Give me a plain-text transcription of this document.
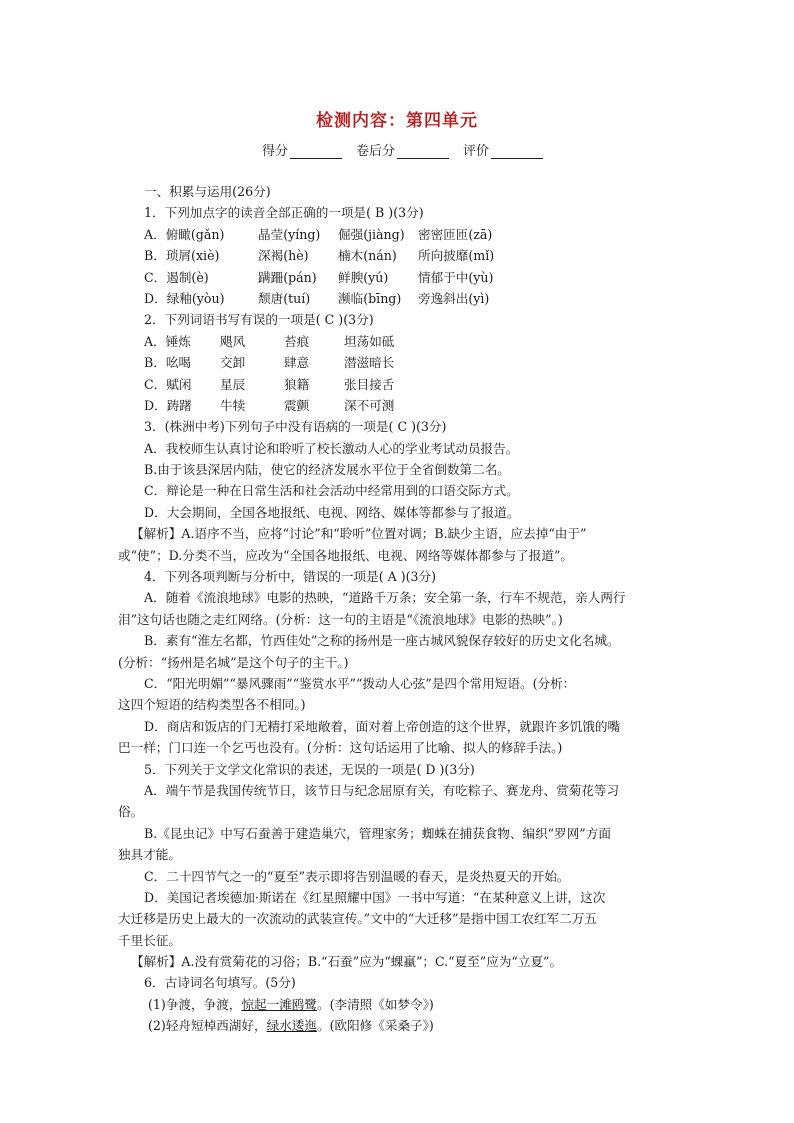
检测内容：第四单元
得分	卷后分	评价
一、积累与运用(26分)
1．下列加点字的读音全部正确的一项是( B )(3分)
A．俯瞰(gǎn)	晶莹(yíng)	倔强(jiàng)	密密匝匝(zā)
B．琐屑(xiè)	深褐(hè)	楠木(nán)	所向披靡(mǐ)
C．遏制(è)	蹒跚(pán)	鲜腴(yú)	情郁于中(yù)
D．绿釉(yòu)	颓唐(tuí)	濒临(bīng)	旁逸斜出(yì)
2．下列词语书写有误的一项是( C )(3分)
A．锤炼	飓风	苔痕	坦荡如砥
B．吆喝	交卸	肆意	潜滋暗长
C．赋闲	星辰	狼籍	张目接舌
D．踌躇	牛犊	震颤	深不可测
3．(株洲中考)下列句子中没有语病的一项是( C )(3分)
A．我校师生认真讨论和聆听了校长激动人心的学业考试动员报告。
B.由于该县深居内陆，使它的经济发展水平位于全省倒数第二名。
C．辩论是一种在日常生活和社会活动中经常用到的口语交际方式。
D．大会期间，全国各地报纸、电视、网络、媒体等都参与了报道。
【解析】A.语序不当，应将“讨论”和“聆听”位置对调；B.缺少主语，应去掉“由于”
或“使”；D.分类不当，应改为“全国各地报纸、电视、网络等媒体都参与了报道”。
4．下列各项判断与分析中，错误的一项是( A )(3分)
A．随着《流浪地球》电影的热映，“道路千万条；安全第一条，行车不规范，亲人两行
泪”这句话也随之走红网络。(分析：这一句的主语是“《流浪地球》电影的热映”。)
B．素有“淮左名都，竹西佳处”之称的扬州是一座古城风貌保存较好的历史文化名城。
(分析：“扬州是名城”是这个句子的主干。)
C．“阳光明媚”“暴风骤雨”“鉴赏水平”“拨动人心弦”是四个常用短语。(分析：
这四个短语的结构类型各不相同。)
D．商店和饭店的门无精打采地敞着，面对着上帝创造的这个世界，就跟许多饥饿的嘴
巴一样；门口连一个乞丐也没有。(分析：这句话运用了比喻、拟人的修辞手法。)
5．下列关于文学文化常识的表述，无误的一项是( D )(3分)
A．端午节是我国传统节日，该节日与纪念屈原有关，有吃粽子、赛龙舟、赏菊花等习
俗。
B.《昆虫记》中写石蚕善于建造巢穴，管理家务；蜘蛛在捕获食物、编织“罗网”方面
独具才能。
C．二十四节气之一的“夏至”表示即将告别温暖的春天，是炎热夏天的开始。
D．美国记者埃德加·斯诺在《红星照耀中国》一书中写道：“在某种意义上讲，这次
大迁移是历史上最大的一次流动的武装宣传。”文中的“大迁移”是指中国工农红军二万五
千里长征。
【解析】A.没有赏菊花的习俗；B.“石蚕”应为“蜾蠃”；C.“夏至”应为“立夏”。
6．古诗词名句填写。(5分)
(1)争渡，争渡，惊起一滩鸥鹭。(李清照《如梦令》)
(2)轻舟短棹西湖好，绿水逶迤。(欧阳修《采桑子》)
